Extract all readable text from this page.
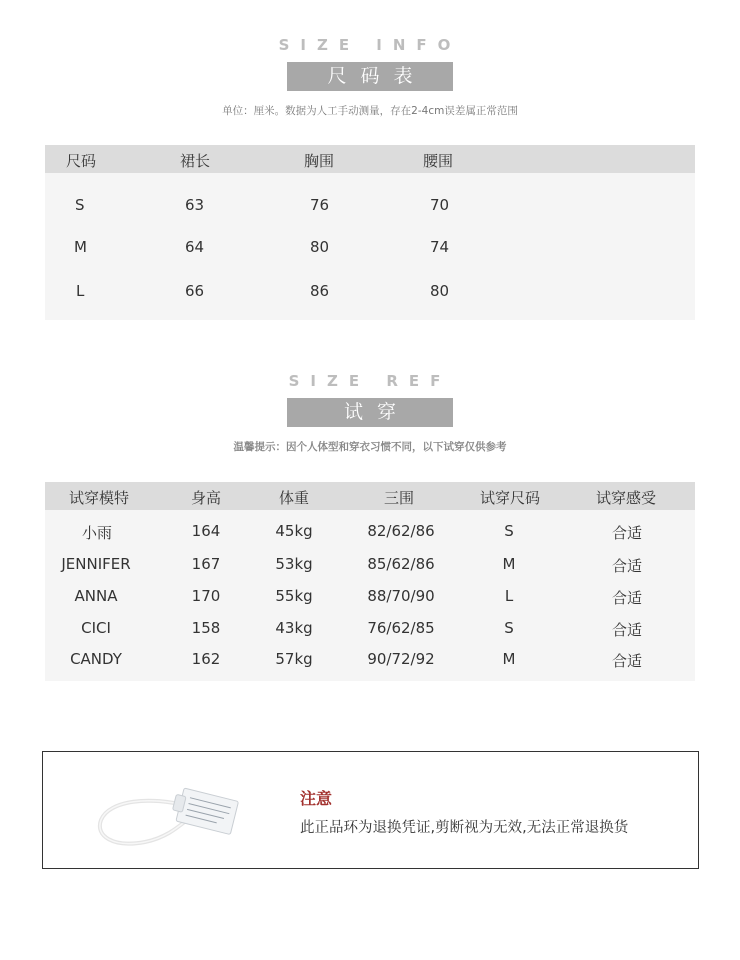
SIZE INFO
尺码表
单位：厘米。数据为人工手动测量，存在2-4cm误差属正常范围
尺码	裙长	胸围	腰围
S	63	76	70
M	64	80	74
L	66	86	80
SIZE REF
试穿
温馨提示：因个人体型和穿衣习惯不同，以下试穿仅供参考
试穿模特	身高	体重	三围	试穿尺码	试穿感受
小雨	164	45kg	82/62/86	S	合适
JENNIFER	167	53kg	85/62/86	M	合适
ANNA	170	55kg	88/70/90	L	合适
CICI	158	43kg	76/62/85	S	合适
CANDY	162	57kg	90/72/92	M	合适
注意
此正品环为退换凭证,剪断视为无效,无法正常退换货
